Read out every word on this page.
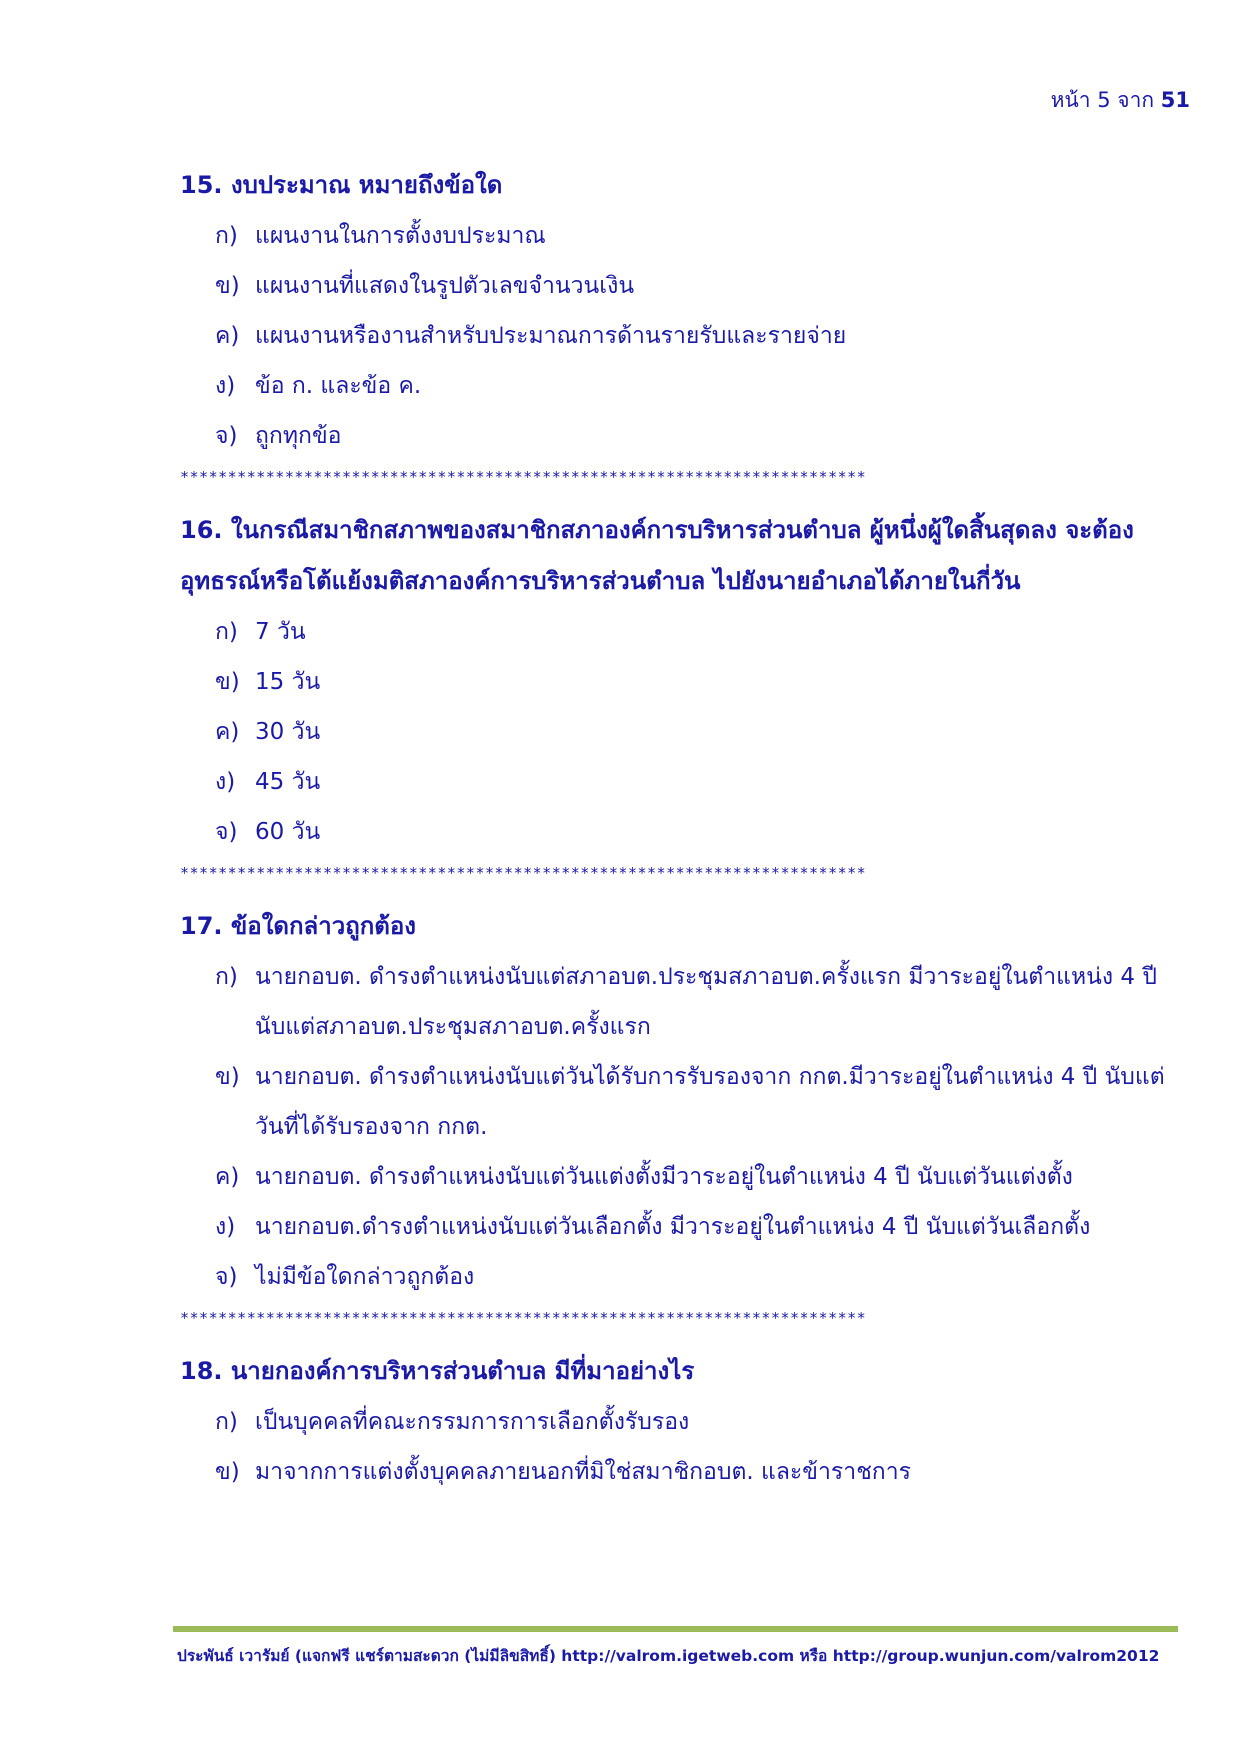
หน้า 5 จาก 51

15. งบประมาณ หมายถึงข้อใด

ก) แผนงานในการตั้งงบประมาณ
ข) แผนงานที่แสดงในรูปตัวเลขจำนวนเงิน
ค) แผนงานหรืองานสำหรับประมาณการด้านรายรับและรายจ่าย
ง) ข้อ ก. และข้อ ค.
จ) ถูกทุกข้อ
************************************************************************

16. ในกรณีสมาชิกสภาพของสมาชิกสภาองค์การบริหารส่วนตำบล ผู้หนึ่งผู้ใดสิ้นสุดลง จะต้องอุทธรณ์หรือโต้แย้งมติสภาองค์การบริหารส่วนตำบล ไปยังนายอำเภอได้ภายในกี่วัน

ก) 7 วัน
ข) 15 วัน
ค) 30 วัน
ง) 45 วัน
จ) 60 วัน
************************************************************************

17. ข้อใดกล่าวถูกต้อง

ก) นายกอบต. ดำรงตำแหน่งนับแต่สภาอบต.ประชุมสภาอบต.ครั้งแรก มีวาระอยู่ในตำแหน่ง 4 ปี นับแต่สภาอบต.ประชุมสภาอบต.ครั้งแรก
ข) นายกอบต. ดำรงตำแหน่งนับแต่วันได้รับการรับรองจาก กกต.มีวาระอยู่ในตำแหน่ง 4 ปี นับแต่วันที่ได้รับรองจาก กกต.
ค) นายกอบต. ดำรงตำแหน่งนับแต่วันแต่งตั้งมีวาระอยู่ในตำแหน่ง 4 ปี นับแต่วันแต่งตั้ง
ง) นายกอบต.ดำรงตำแหน่งนับแต่วันเลือกตั้ง มีวาระอยู่ในตำแหน่ง 4 ปี นับแต่วันเลือกตั้ง
จ) ไม่มีข้อใดกล่าวถูกต้อง
************************************************************************

18. นายกองค์การบริหารส่วนตำบล มีที่มาอย่างไร

ก) เป็นบุคคลที่คณะกรรมการการเลือกตั้งรับรอง
ข) มาจากการแต่งตั้งบุคคลภายนอกที่มิใช่สมาชิกอบต. และข้าราชการ
ประพันธ์ เวารัมย์ (แจกฟรี แชร์ตามสะดวก (ไม่มีลิขสิทธิ์) http://valrom.igetweb.com หรือ http://group.wunjun.com/valrom2012
